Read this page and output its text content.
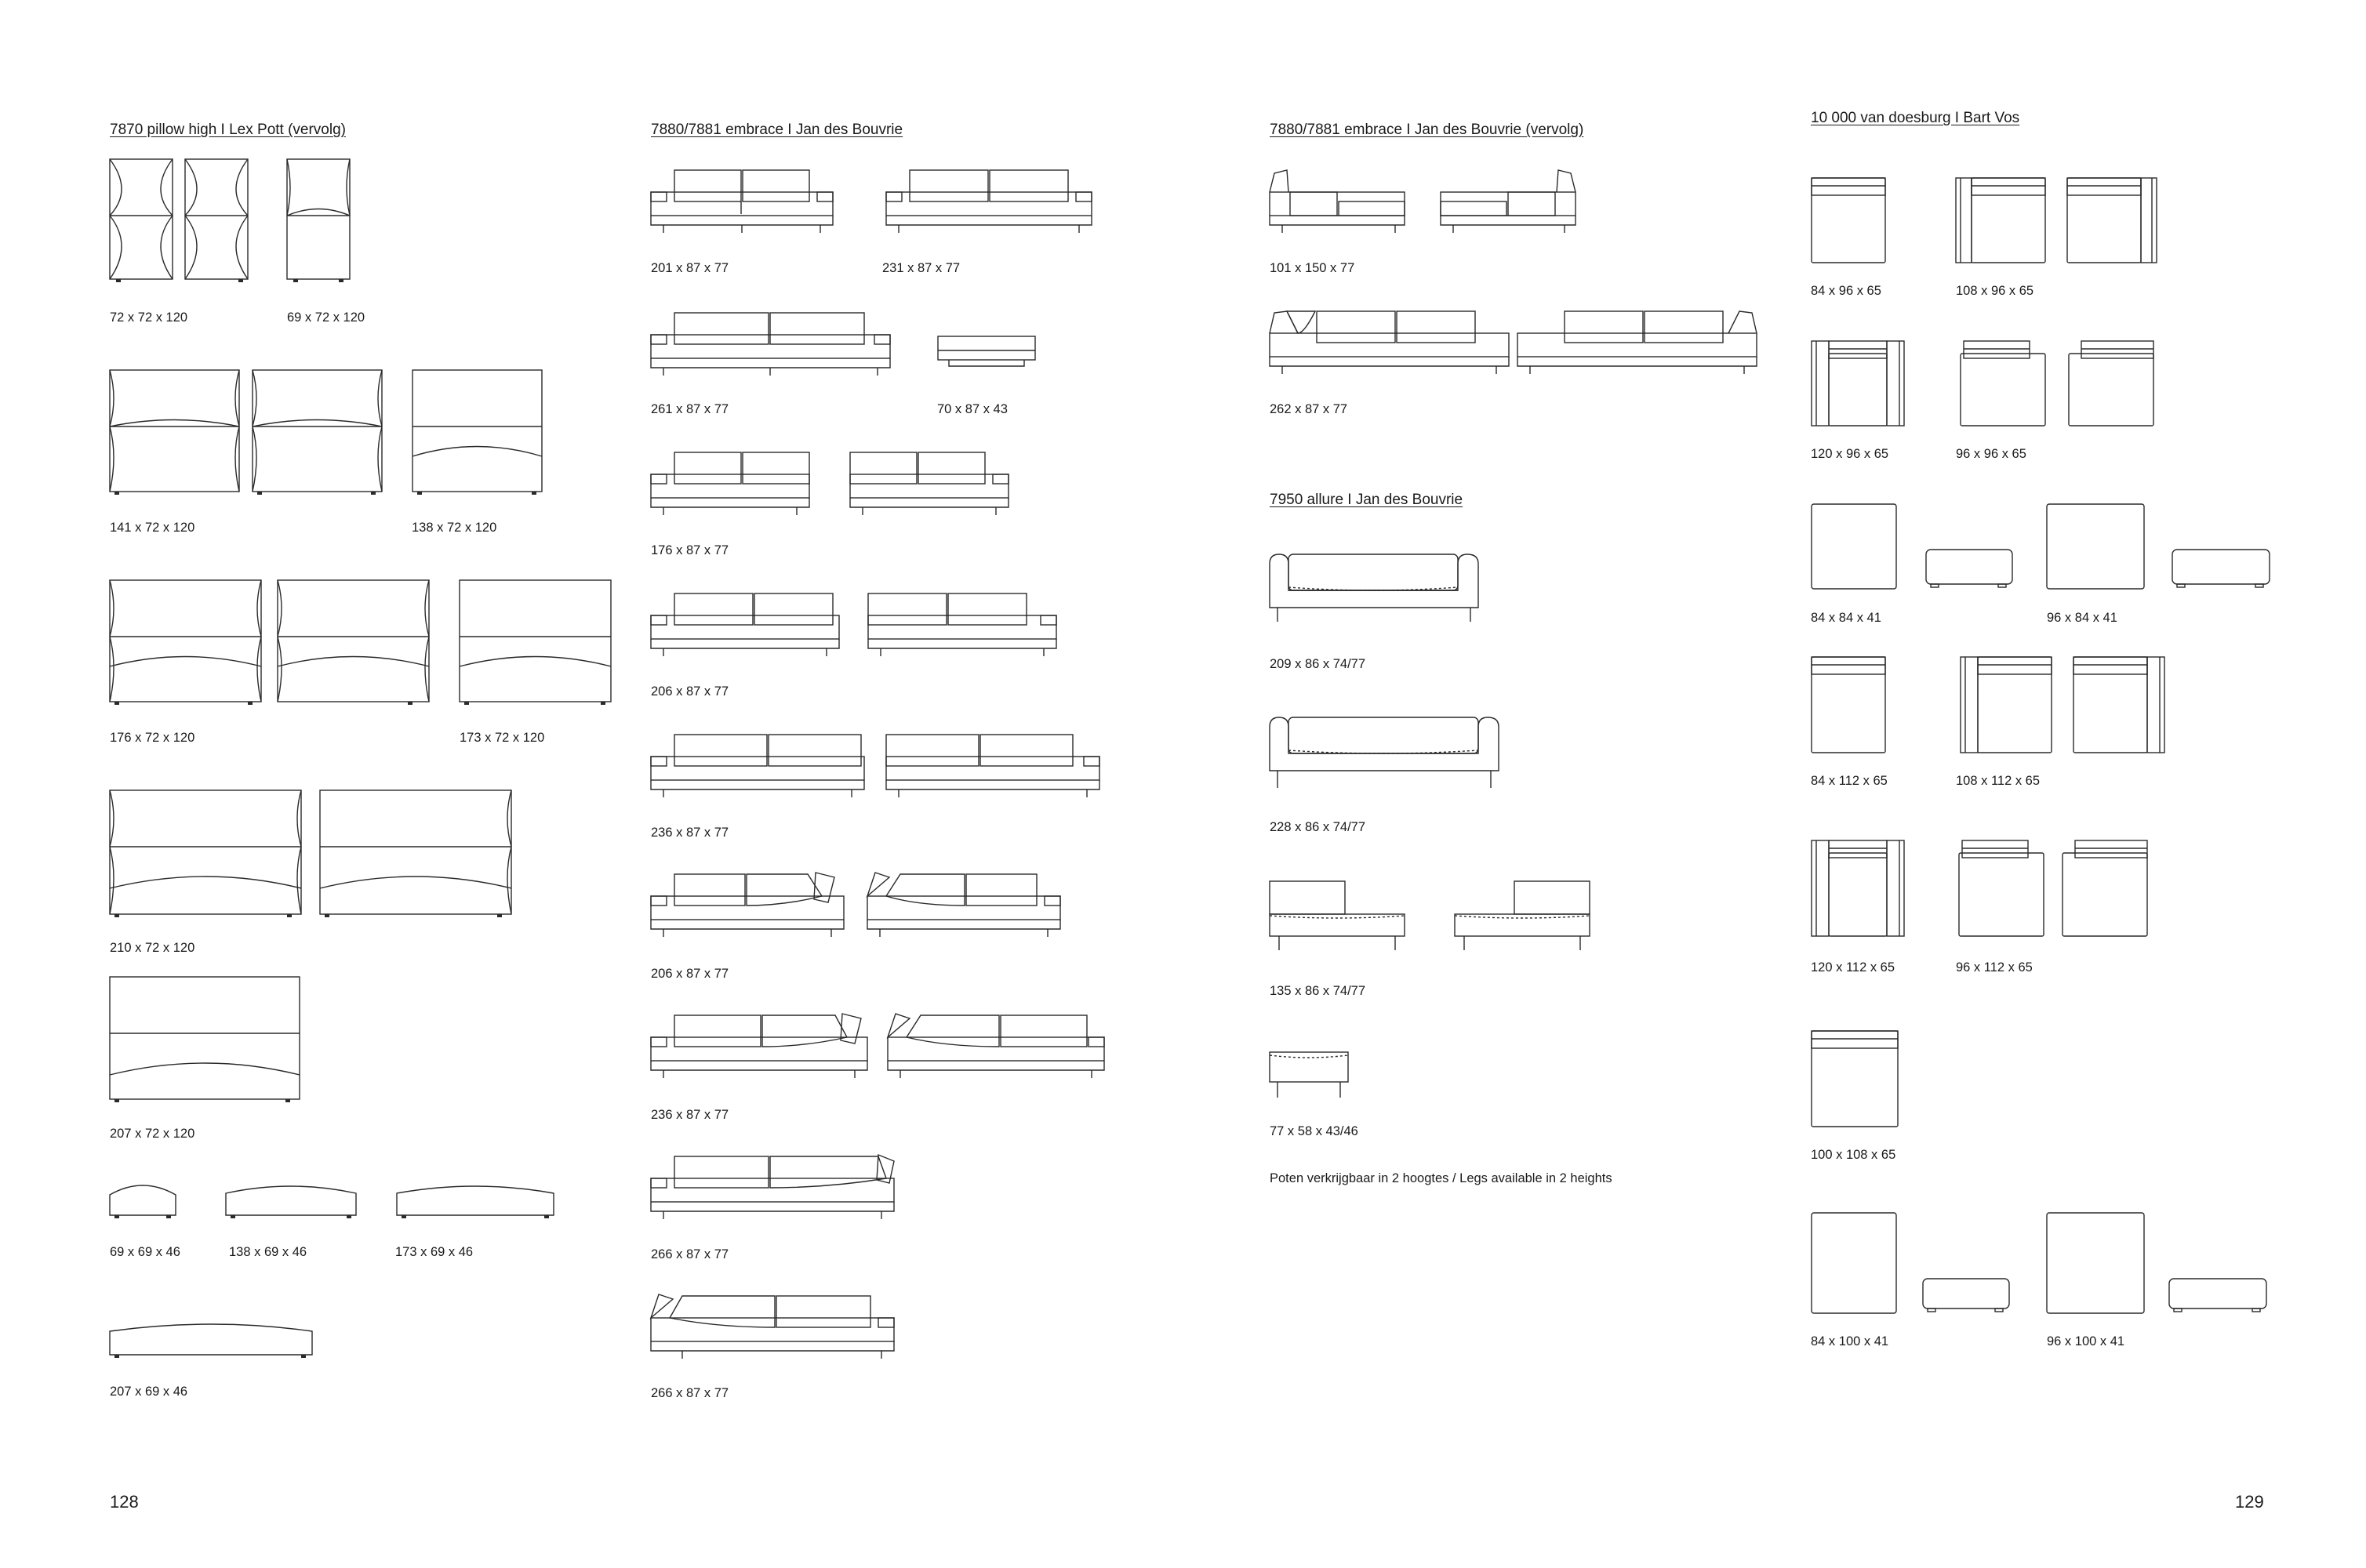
7870 pillow high I Lex Pott (vervolg)	7880/7881 embrace I Jan des Bouvrie	7880/7881 embrace I Jan des Bouvrie (vervolg)
7950 allure I Jan des Bouvrie
10 000 van doesburg I Bart Vos
72 x 72 x 120	69 x 72 x 120
141 x 72 x 120	138 x 72 x 120
176 x 72 x 120	173 x 72 x 120
210 x 72 x 120
207 x 72 x 120
69 x 69 x 46	138 x 69 x 46	173 x 69 x 46
207 x 69 x 46
201 x 87 x 77	231 x 87 x 77
261 x 87 x 77	70 x 87 x 43
176 x 87 x 77
206 x 87 x 77
236 x 87 x 77
206 x 87 x 77
236 x 87 x 77
266 x 87 x 77
266 x 87 x 77
101 x 150 x 77
262 x 87 x 77
209 x 86 x 74/77
228 x 86 x 74/77
135 x 86 x 74/77
77 x 58 x 43/46
Poten verkrijgbaar in 2 hoogtes / Legs available in 2 heights
84 x 96 x 65	108 x 96 x 65
120 x 96 x 65	96 x 96 x 65
84 x 84 x 41	96 x 84 x 41
84 x 112 x 65	108 x 112 x 65
120 x 112 x 65	96 x 112 x 65
100 x 108 x 65
84 x 100 x 41	96 x 100 x 41
128	129
